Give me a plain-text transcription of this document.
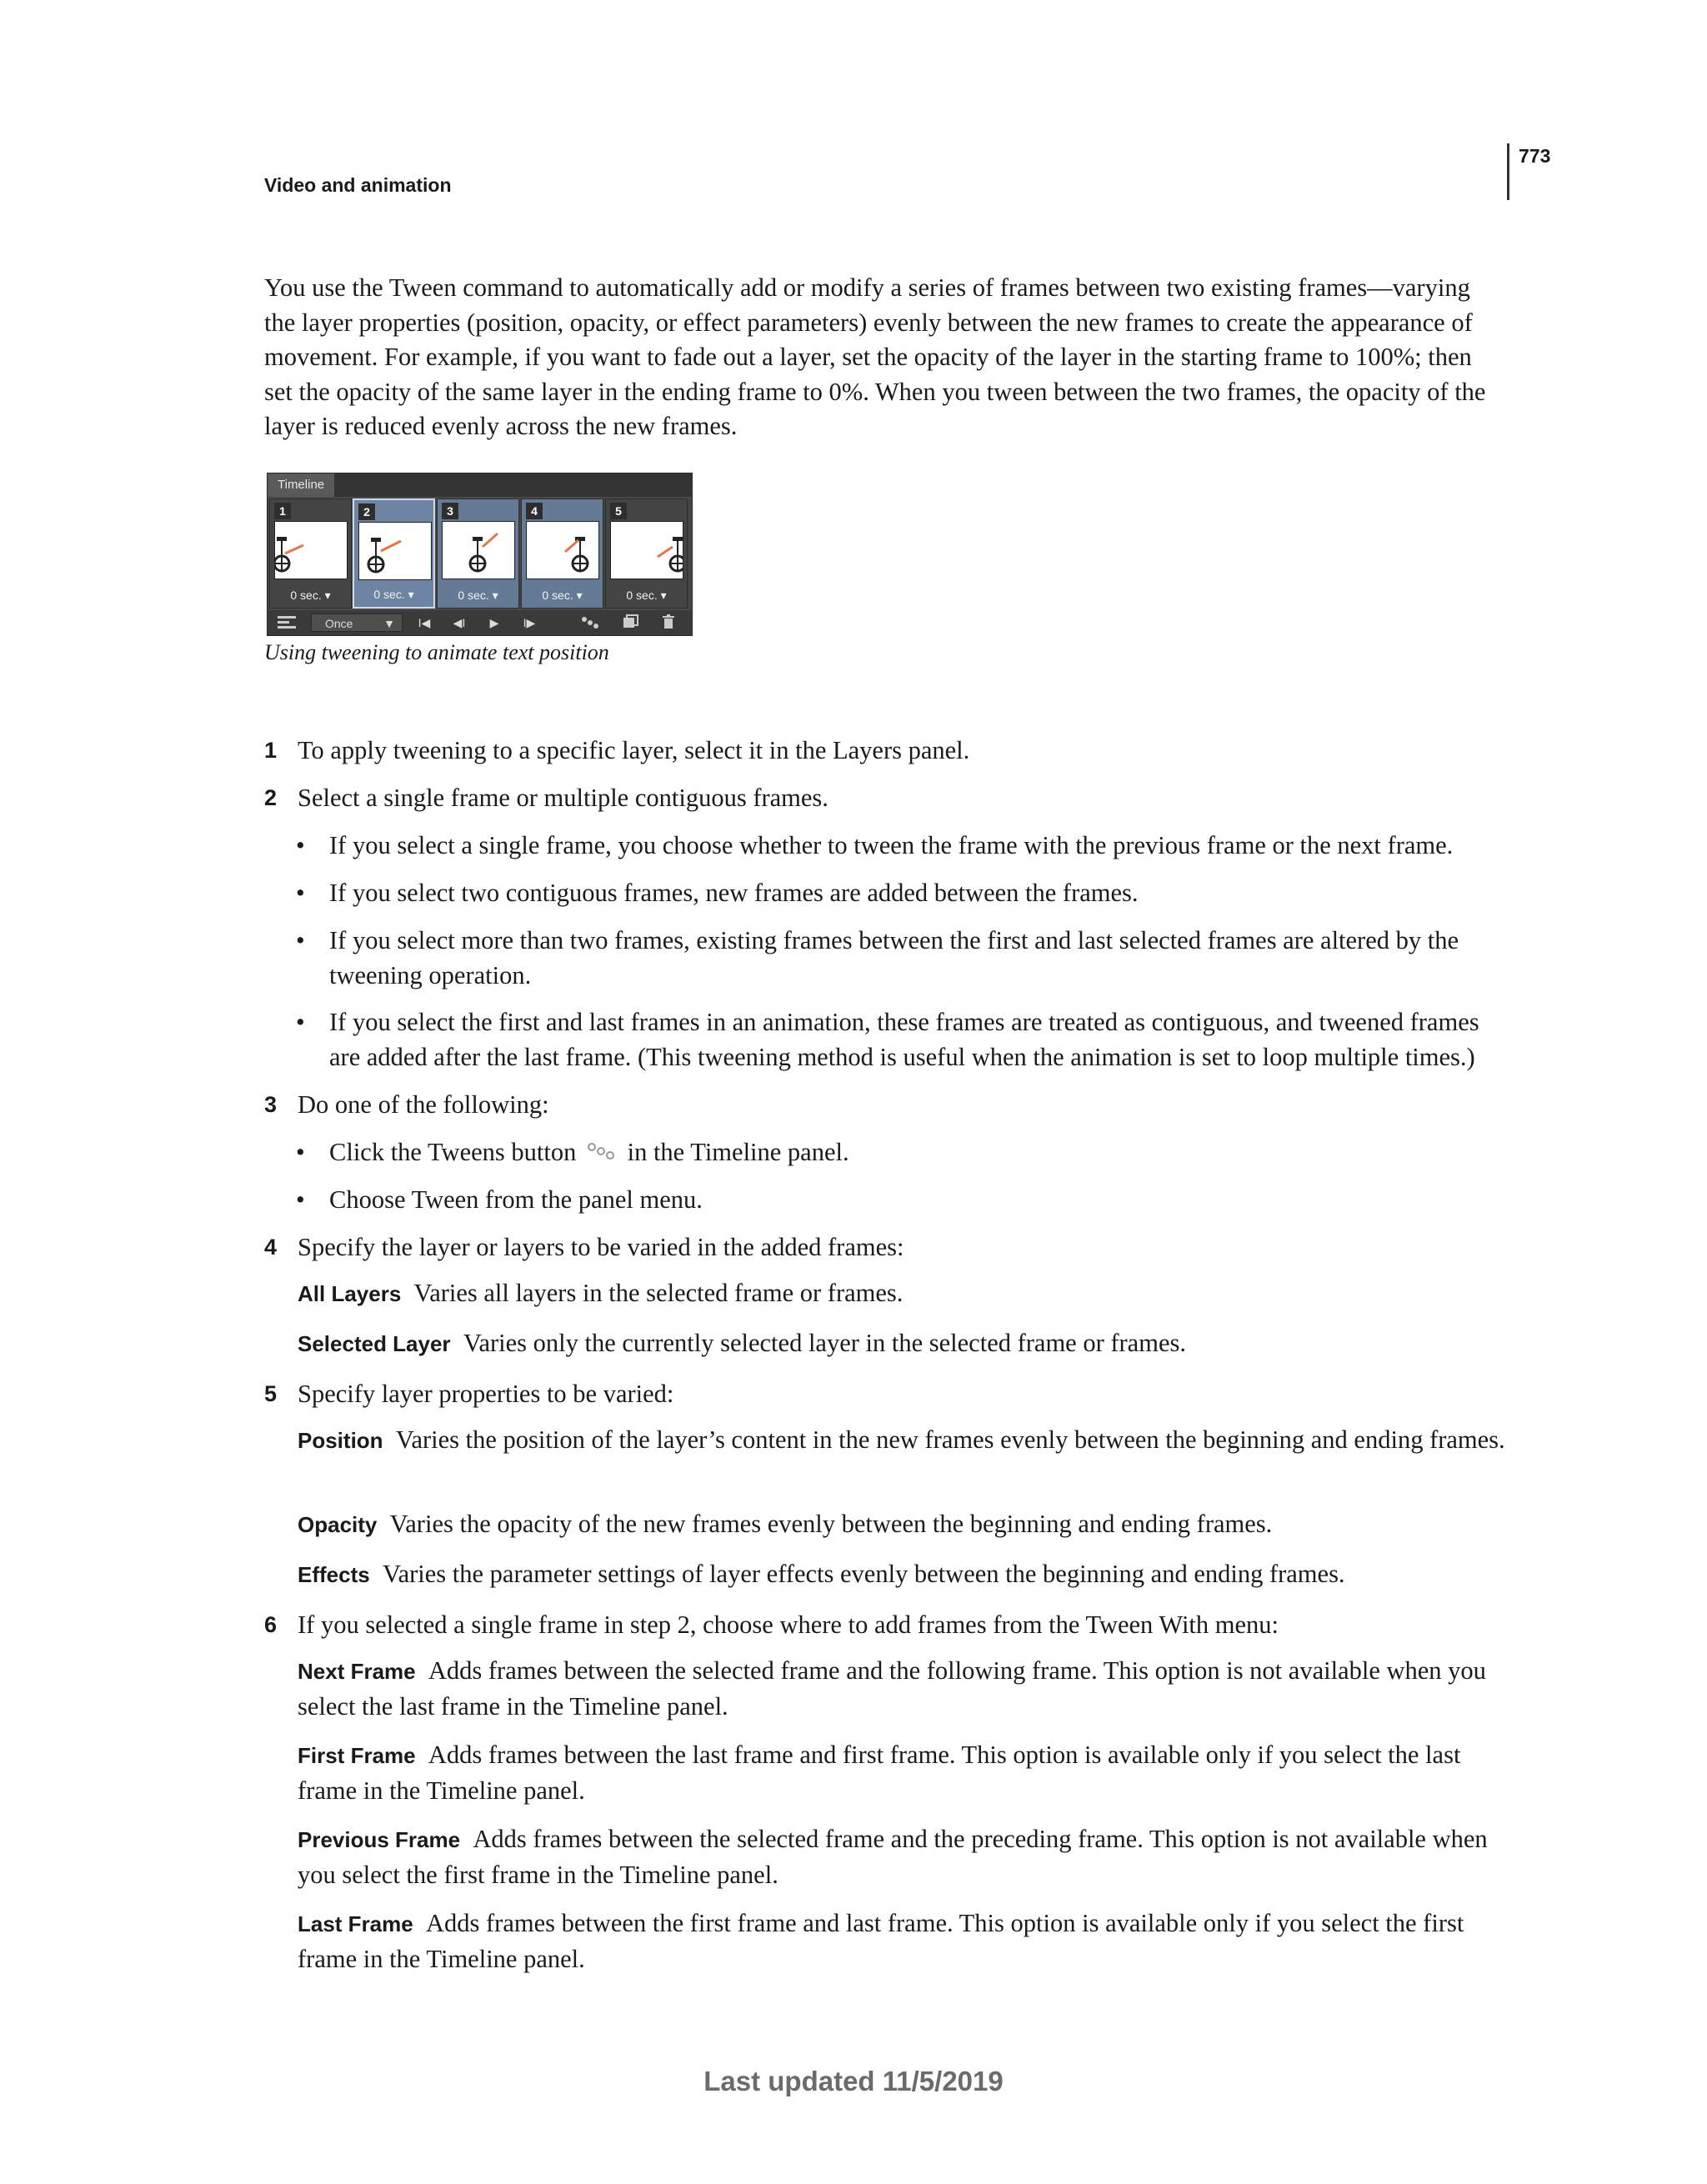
Video and animation
773
You use the Tween command to automatically add or modify a series of frames between two existing frames—varying the layer properties (position, opacity, or effect parameters) evenly between the new frames to create the appearance of movement. For example, if you want to fade out a layer, set the opacity of the layer in the starting frame to 100%; then set the opacity of the same layer in the ending frame to 0%. When you tween between the two frames, the opacity of the layer is reduced evenly across the new frames.
Timeline
1
0 sec. ▾
2
0 sec. ▾
3
0 sec. ▾
4
0 sec. ▾
5
0 sec. ▾
Once	▼	I◀	◀I	▶	I▶
Using tweening to animate text position
1 To apply tweening to a specific layer, select it in the Layers panel.
2 Select a single frame or multiple contiguous frames.
• If you select a single frame, you choose whether to tween the frame with the previous frame or the next frame.
• If you select two contiguous frames, new frames are added between the frames.
• If you select more than two frames, existing frames between the first and last selected frames are altered by the tweening operation.
• If you select the first and last frames in an animation, these frames are treated as contiguous, and tweened frames are added after the last frame. (This tweening method is useful when the animation is set to loop multiple times.)
3 Do one of the following:
• Click the Tweens button in the Timeline panel.
• Choose Tween from the panel menu.
4 Specify the layer or layers to be varied in the added frames:
All Layers Varies all layers in the selected frame or frames.
Selected Layer Varies only the currently selected layer in the selected frame or frames.
5 Specify layer properties to be varied:
Position Varies the position of the layer’s content in the new frames evenly between the beginning and ending frames.
Opacity Varies the opacity of the new frames evenly between the beginning and ending frames.
Effects Varies the parameter settings of layer effects evenly between the beginning and ending frames.
6 If you selected a single frame in step 2, choose where to add frames from the Tween With menu:
Next Frame Adds frames between the selected frame and the following frame. This option is not available when you select the last frame in the Timeline panel.
First Frame Adds frames between the last frame and first frame. This option is available only if you select the last frame in the Timeline panel.
Previous Frame Adds frames between the selected frame and the preceding frame. This option is not available when you select the first frame in the Timeline panel.
Last Frame Adds frames between the first frame and last frame. This option is available only if you select the first frame in the Timeline panel.
Last updated 11/5/2019
